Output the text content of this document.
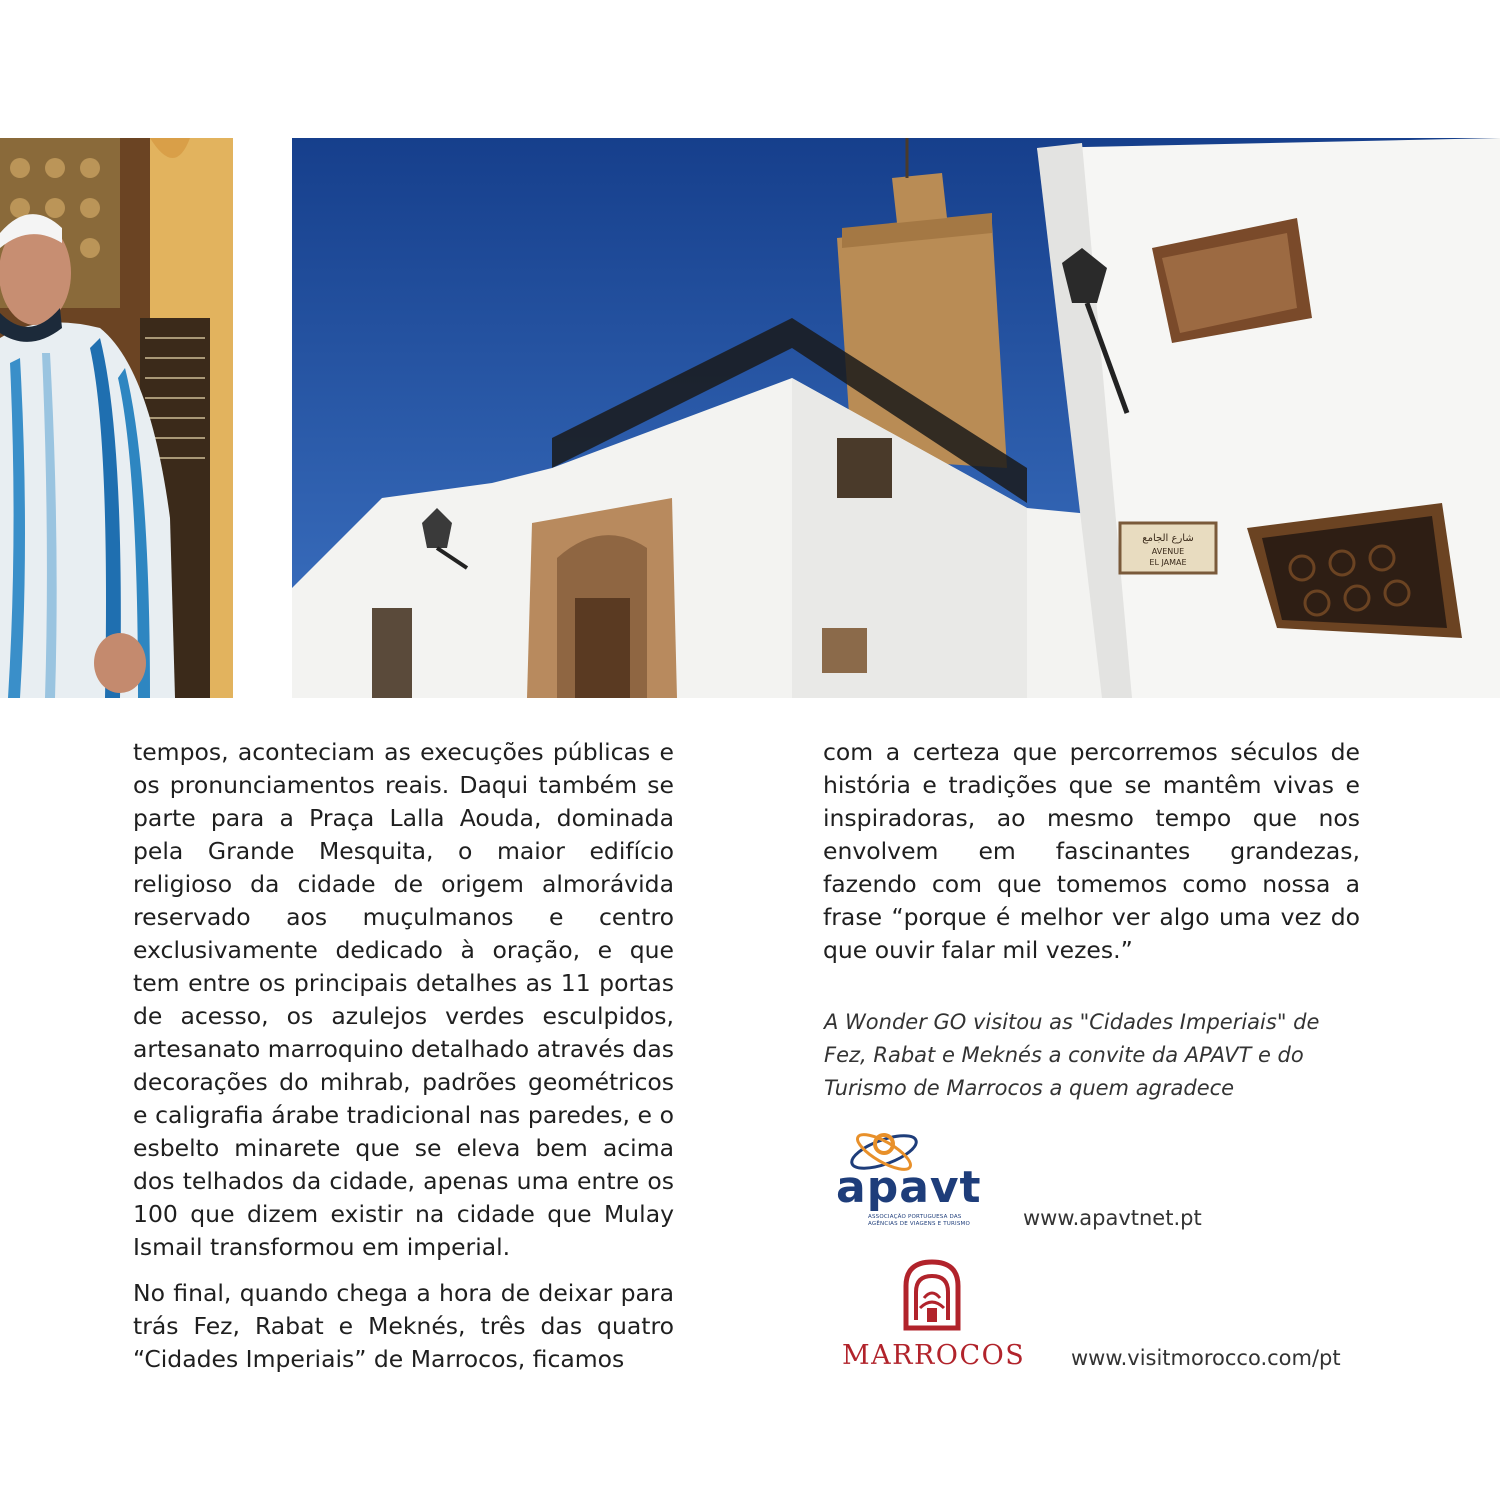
شارع الجامع
AVENUE
EL JAMAE

tempos, aconteciam as execuções públicas e os pronunciamentos reais. Daqui também se parte para a Praça Lalla Aouda, dominada pela Grande Mesquita, o maior edifício religioso da cidade de origem almorávida reservado aos muçulmanos e centro exclusivamente dedicado à oração, e que tem entre os principais detalhes as 11 portas de acesso, os azulejos verdes esculpidos, artesanato marroquino detalhado através das decorações do mihrab, padrões geométricos e caligrafia árabe tradicional nas paredes, e o esbelto minarete que se eleva bem acima dos telhados da cidade, apenas uma entre os 100 que dizem existir na cidade que Mulay Ismail transformou em imperial.

No final, quando chega a hora de deixar para trás Fez, Rabat e Meknés, três das quatro “Cidades Imperiais” de Marrocos, ficamos

com a certeza que percorremos séculos de história e tradições que se mantêm vivas e inspiradoras, ao mesmo tempo que nos envolvem em fascinantes grandezas, fazendo com que tomemos como nossa a frase “porque é melhor ver algo uma vez do que ouvir falar mil vezes.”

A Wonder GO visitou as "Cidades Imperiais" de Fez, Rabat e Meknés a convite da APAVT e do Turismo de Marrocos a quem agradece
apavt
ASSOCIAÇÃO PORTUGUESA DAS AGÊNCIAS DE VIAGENS E TURISMO	www.apavtnet.pt
MARROCOS www.visitmorocco.com/pt
